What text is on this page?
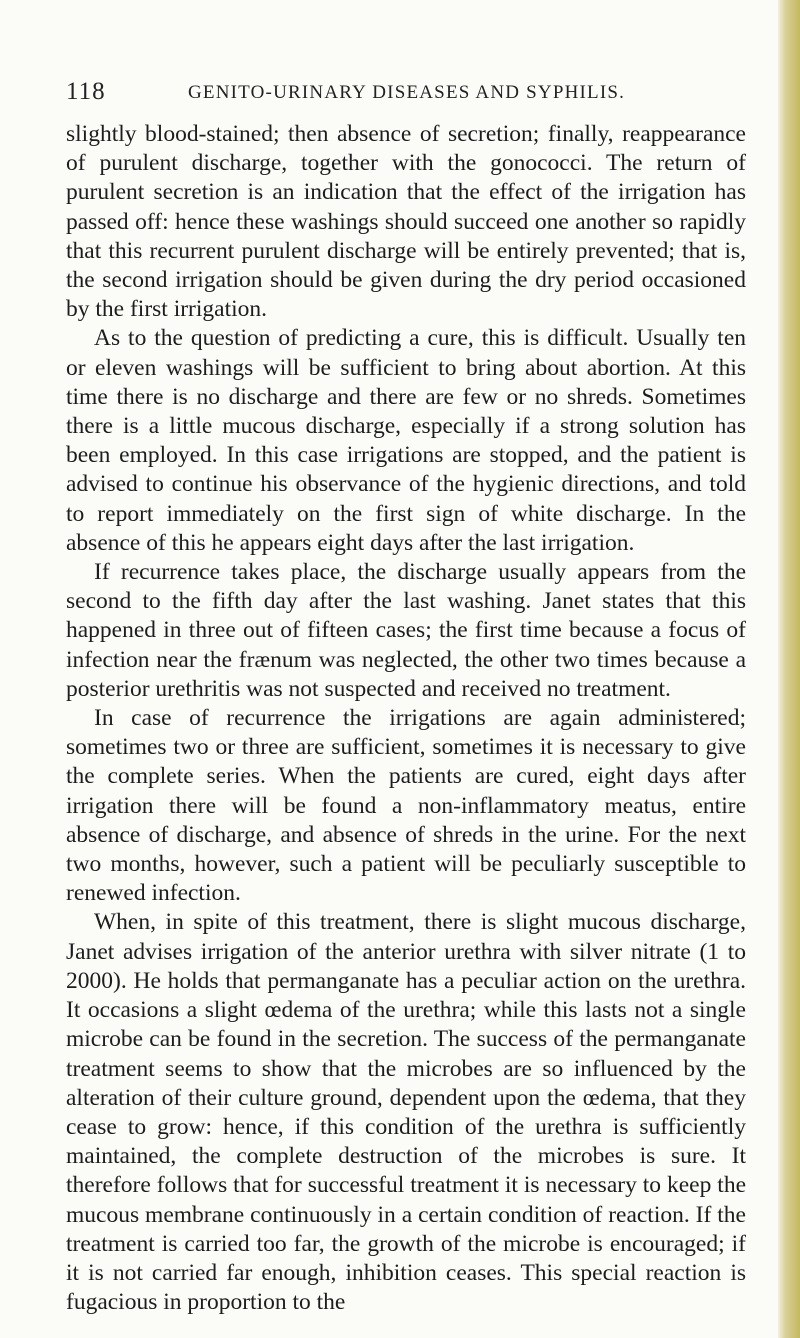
118	GENITO-URINARY DISEASES AND SYPHILIS.

slightly blood-stained; then absence of secretion; finally, reappearance of purulent discharge, together with the gonococci. The return of purulent secretion is an indication that the effect of the irrigation has passed off: hence these washings should succeed one another so rapidly that this recurrent purulent discharge will be entirely prevented; that is, the second irrigation should be given during the dry period occasioned by the first irrigation.

As to the question of predicting a cure, this is difficult. Usually ten or eleven washings will be sufficient to bring about abortion. At this time there is no discharge and there are few or no shreds. Sometimes there is a little mucous discharge, especially if a strong solution has been employed. In this case irrigations are stopped, and the patient is advised to continue his observance of the hygienic directions, and told to report immediately on the first sign of white discharge. In the absence of this he appears eight days after the last irrigation.

If recurrence takes place, the discharge usually appears from the second to the fifth day after the last washing. Janet states that this happened in three out of fifteen cases; the first time because a focus of infection near the frænum was neglected, the other two times because a posterior urethritis was not suspected and received no treatment.

In case of recurrence the irrigations are again administered; sometimes two or three are sufficient, sometimes it is necessary to give the complete series. When the patients are cured, eight days after irrigation there will be found a non-inflammatory meatus, entire absence of discharge, and absence of shreds in the urine. For the next two months, however, such a patient will be peculiarly susceptible to renewed infection.

When, in spite of this treatment, there is slight mucous discharge, Janet advises irrigation of the anterior urethra with silver nitrate (1 to 2000). He holds that permanganate has a peculiar action on the urethra. It occasions a slight œdema of the urethra; while this lasts not a single microbe can be found in the secretion. The success of the permanganate treatment seems to show that the microbes are so influenced by the alteration of their culture ground, dependent upon the œdema, that they cease to grow: hence, if this condition of the urethra is sufficiently maintained, the complete destruction of the microbes is sure. It therefore follows that for successful treatment it is necessary to keep the mucous membrane continuously in a certain condition of reaction. If the treatment is carried too far, the growth of the microbe is encouraged; if it is not carried far enough, inhibition ceases. This special reaction is fugacious in proportion to the
